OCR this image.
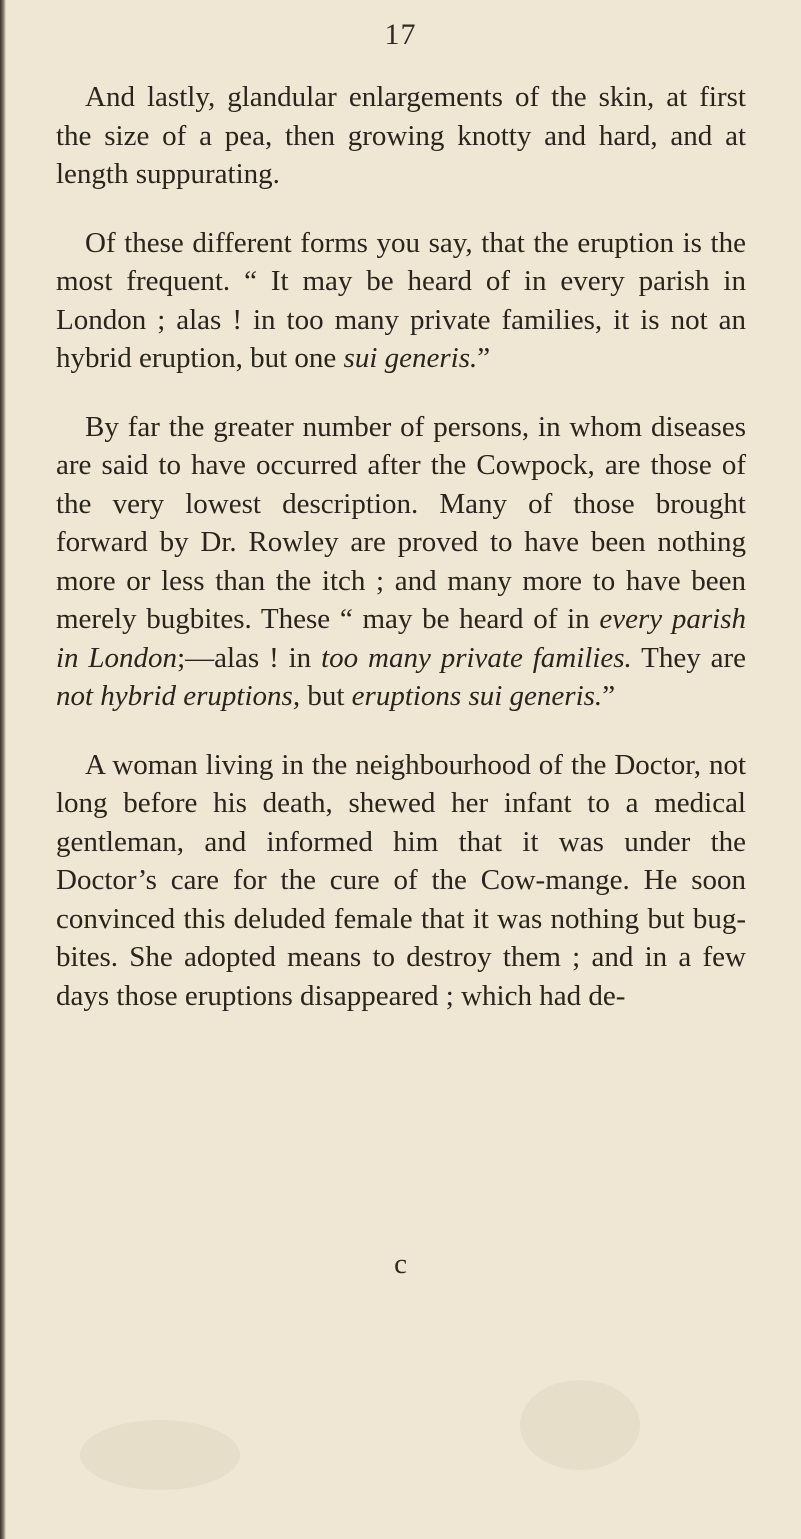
17

And lastly, glandular enlargements of the skin, at first the size of a pea, then growing knotty and hard, and at length suppurating.

Of these different forms you say, that the eruption is the most frequent. “ It may be heard of in every parish in London ; alas ! in too many private families, it is not an hybrid eruption, but one sui generis.”

By far the greater number of persons, in whom diseases are said to have occurred after the Cowpock, are those of the very lowest description. Many of those brought forward by Dr. Rowley are proved to have been nothing more or less than the itch ; and many more to have been merely bugbites. These “ may be heard of in every parish in London;—alas ! in too many private families. They are not hybrid eruptions, but eruptions sui generis.”

A woman living in the neighbourhood of the Doctor, not long before his death, shewed her infant to a medical gentleman, and informed him that it was under the Doctor’s care for the cure of the Cow-mange. He soon convinced this deluded female that it was nothing but bug-bites. She adopted means to destroy them ; and in a few days those eruptions disappeared ; which had de-

c
